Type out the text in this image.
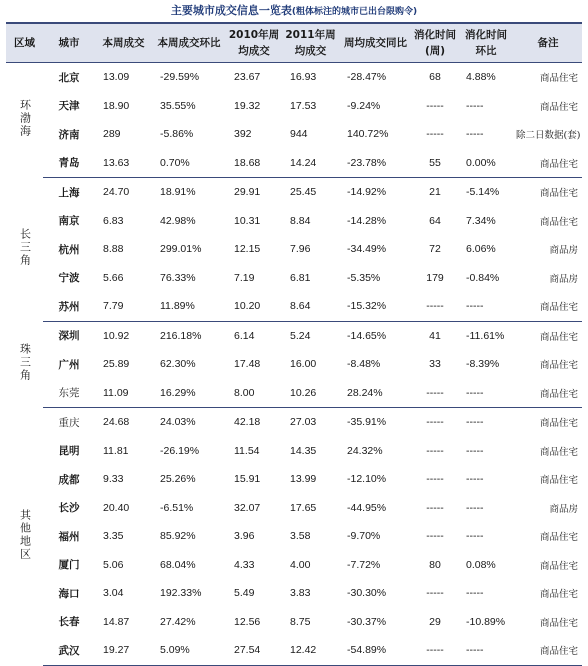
主要城市成交信息一览表(粗体标注的城市已出台限购令)
区域	城市	本周成交	本周成交环比	2010年周均成交	2011年周均成交	周均成交同比	消化时间(周)	消化时间环比	备注
环渤海	北京	13.09	-29.59%	23.67	16.93	-28.47%	68	4.88%	商品住宅
	天津	18.90	35.55%	19.32	17.53	-9.24%	-----	-----	商品住宅
	济南	289	-5.86%	392	944	140.72%	-----	-----	除二日数据(套)
	青岛	13.63	0.70%	18.68	14.24	-23.78%	55	0.00%	商品住宅
长三角	上海	24.70	18.91%	29.91	25.45	-14.92%	21	-5.14%	商品住宅
	南京	6.83	42.98%	10.31	8.84	-14.28%	64	7.34%	商品住宅
	杭州	8.88	299.01%	12.15	7.96	-34.49%	72	6.06%	商品房
	宁波	5.66	76.33%	7.19	6.81	-5.35%	179	-0.84%	商品房
	苏州	7.79	11.89%	10.20	8.64	-15.32%	-----	-----	商品住宅
珠三角	深圳	10.92	216.18%	6.14	5.24	-14.65%	41	-11.61%	商品住宅
	广州	25.89	62.30%	17.48	16.00	-8.48%	33	-8.39%	商品住宅
	东莞	11.09	16.29%	8.00	10.26	28.24%	-----	-----	商品住宅
其他地区	重庆	24.68	24.03%	42.18	27.03	-35.91%	-----	-----	商品住宅
	昆明	11.81	-26.19%	11.54	14.35	24.32%	-----	-----	商品住宅
	成都	9.33	25.26%	15.91	13.99	-12.10%	-----	-----	商品住宅
	长沙	20.40	-6.51%	32.07	17.65	-44.95%	-----	-----	商品房
	福州	3.35	85.92%	3.96	3.58	-9.70%	-----	-----	商品住宅
	厦门	5.06	68.04%	4.33	4.00	-7.72%	80	0.08%	商品住宅
	海口	3.04	192.33%	5.49	3.83	-30.30%	-----	-----	商品住宅
	长春	14.87	27.42%	12.56	8.75	-30.37%	29	-10.89%	商品住宅
	武汉	19.27	5.09%	27.54	12.42	-54.89%	-----	-----	商品住宅
